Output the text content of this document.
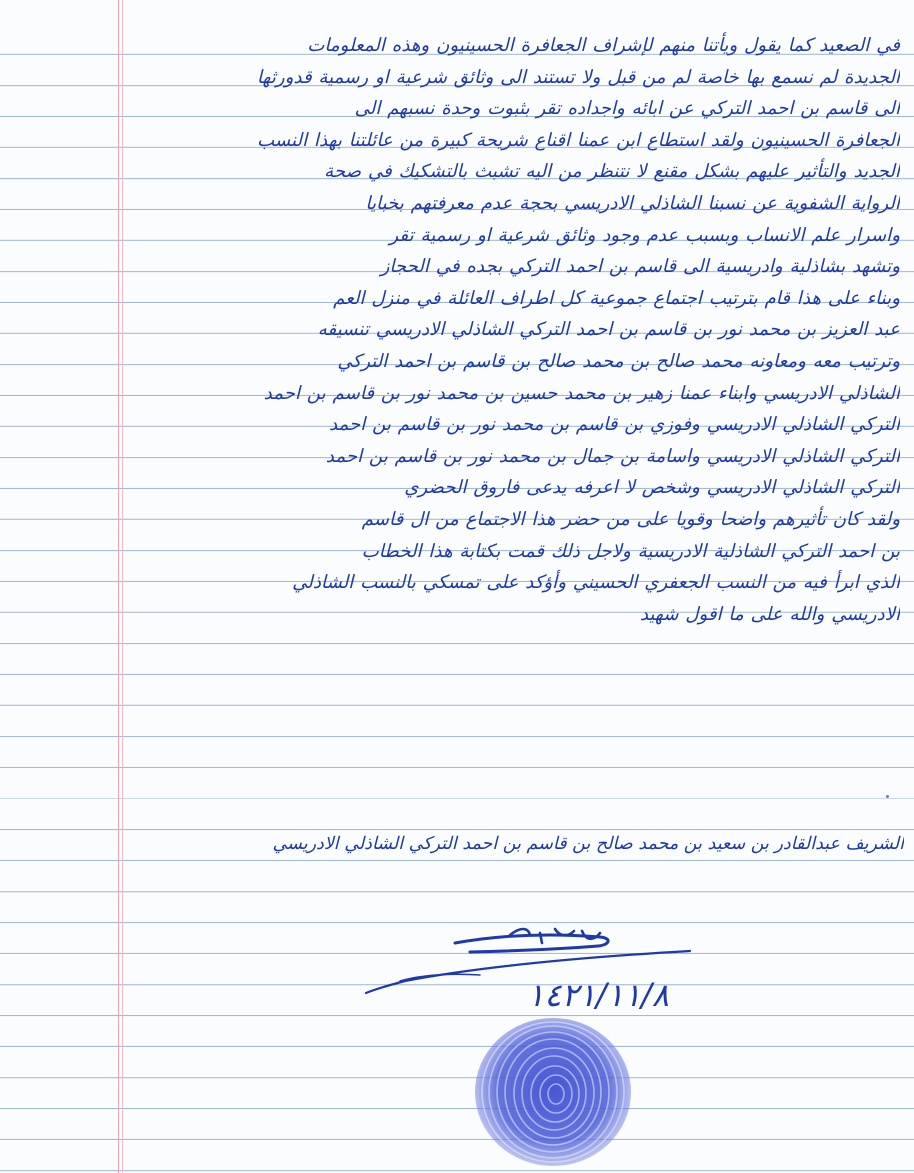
في الصعيد كما يقول ويأتنا منهم لإشراف الجعافرة الحسينيون وهذه المعلومات
الجديدة لم نسمع بها خاصة لم من قبل ولا تستند الى وثائق شرعية او رسمية قدورثها
الى قاسم بن احمد التركي عن ابائه واجداده تقر بثبوت وحدة نسبهم الى
الجعافرة الحسينيون ولقد استطاع ابن عمنا اقناع شريحة كبيرة من عائلتنا بهذا النسب
الجديد والتأثير عليهم بشكل مقنع لا نتنظر من اليه تشبث بالتشكيك في صحة
الرواية الشفوية عن نسبنا الشاذلي الادريسي بحجة عدم معرفتهم بخبايا
واسرار علم الانساب وبسبب عدم وجود وثائق شرعية او رسمية تقر
وتشهد بشاذلية وادريسية الى قاسم بن احمد التركي بجده في الحجاز
وبناء على هذا قام بترتيب اجتماع جموعية كل اطراف العائلة في منزل العم
عبد العزيز بن محمد نور بن قاسم بن احمد التركي الشاذلي الادريسي تنسيقه
وترتيب معه ومعاونه محمد صالح بن محمد صالح بن قاسم بن احمد التركي
الشاذلي الادريسي وابناء عمنا زهير بن محمد حسين بن محمد نور بن قاسم بن احمد
التركي الشاذلي الادريسي وفوزي بن قاسم بن محمد نور بن قاسم بن احمد
التركي الشاذلي الادريسي واسامة بن جمال بن محمد نور بن قاسم بن احمد
التركي الشاذلي الادريسي وشخص لا اعرفه يدعى فاروق الحضري
ولقد كان تأثيرهم واضحا وقويا على من حضر هذا الاجتماع من ال قاسم
بن احمد التركي الشاذلية الادريسية ولاجل ذلك قمت بكتابة هذا الخطاب
الذي ابرأ فيه من النسب الجعفري الحسيني وأؤكد على تمسكي بالنسب الشاذلي
الادريسي والله على ما اقول شهيد
الشريف عبدالقادر بن سعيد بن محمد صالح بن قاسم بن احمد التركي الشاذلي الادريسي
١٤٢١/١١/٨
